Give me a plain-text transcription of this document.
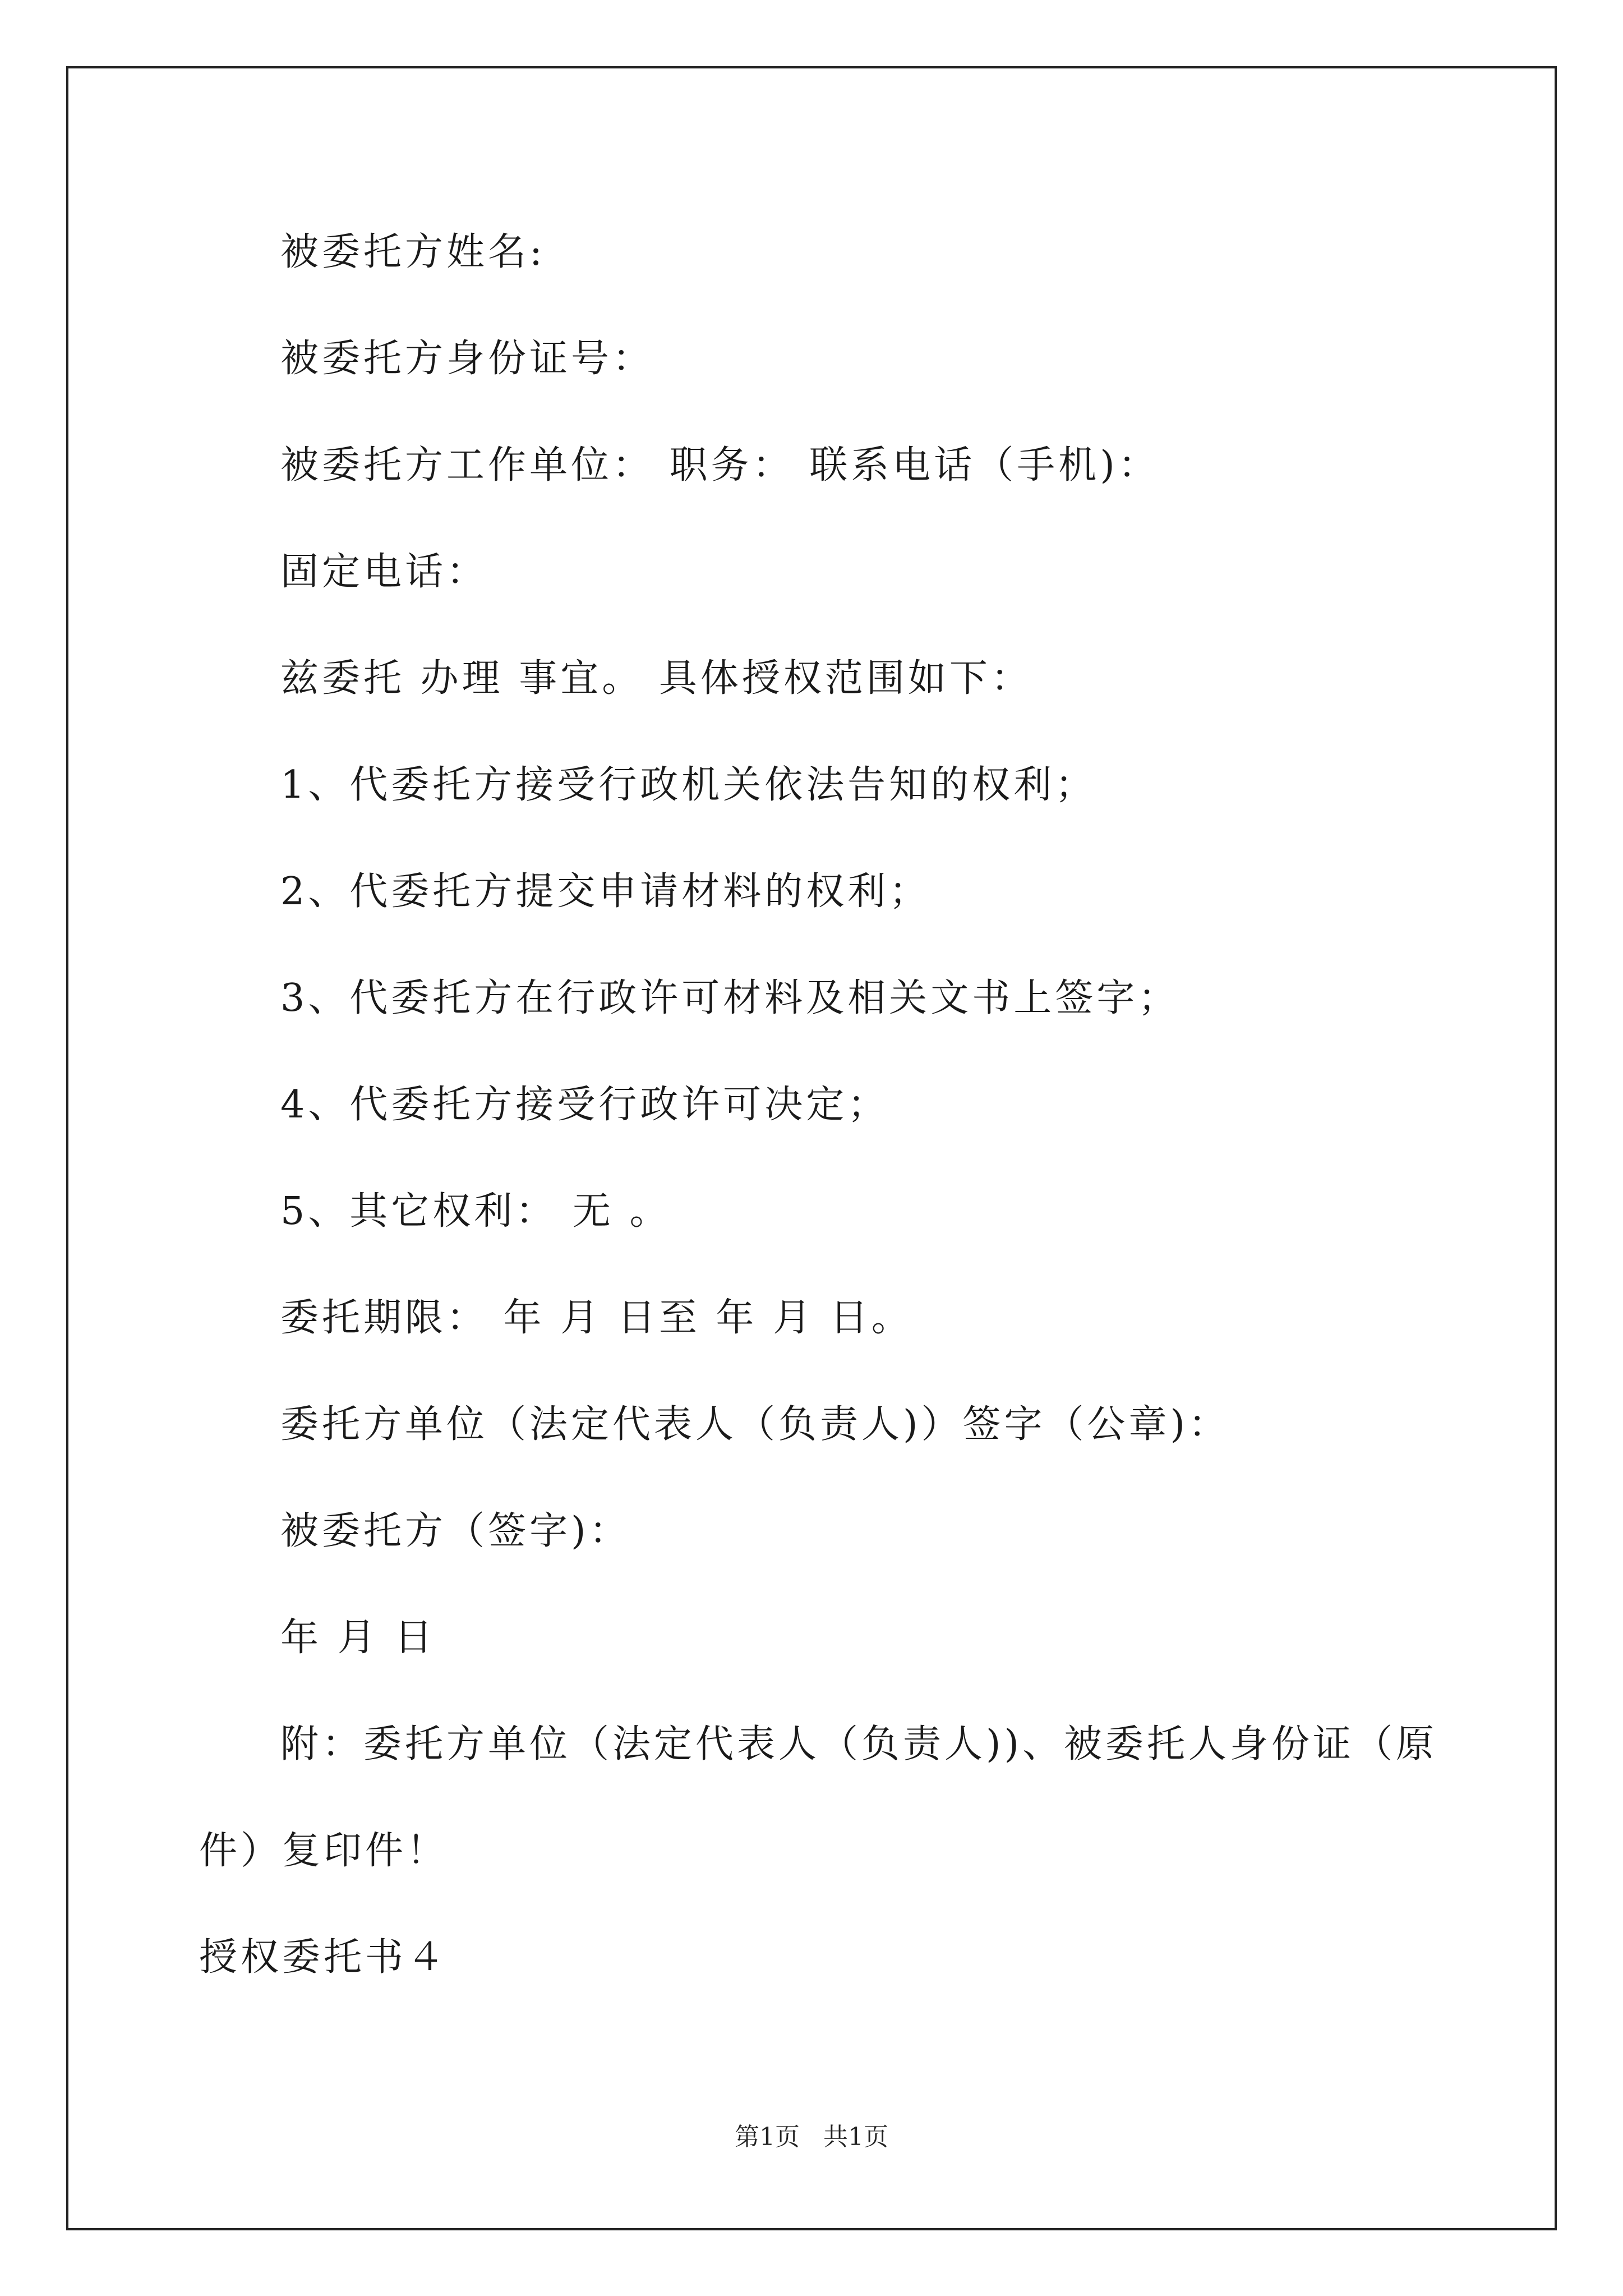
被委托方姓名:
被委托方身份证号：
被委托方工作单位： 职务： 联系电话（手机)：
固定电话：
兹委托 办理 事宜。 具体授权范围如下：
1、代委托方接受行政机关依法告知的权利；
2、代委托方提交申请材料的权利；
3、代委托方在行政许可材料及相关文书上签字；
4、代委托方接受行政许可决定；
5、其它权利： 无 。
委托期限： 年 月 日至 年 月 日。
委托方单位（法定代表人（负责人)）签字（公章)：
被委托方（签字)：
年 月 日
附：委托方单位（法定代表人（负责人))、被委托人身份证（原
件）复印件！
授权委托书４
第1页   共1页
